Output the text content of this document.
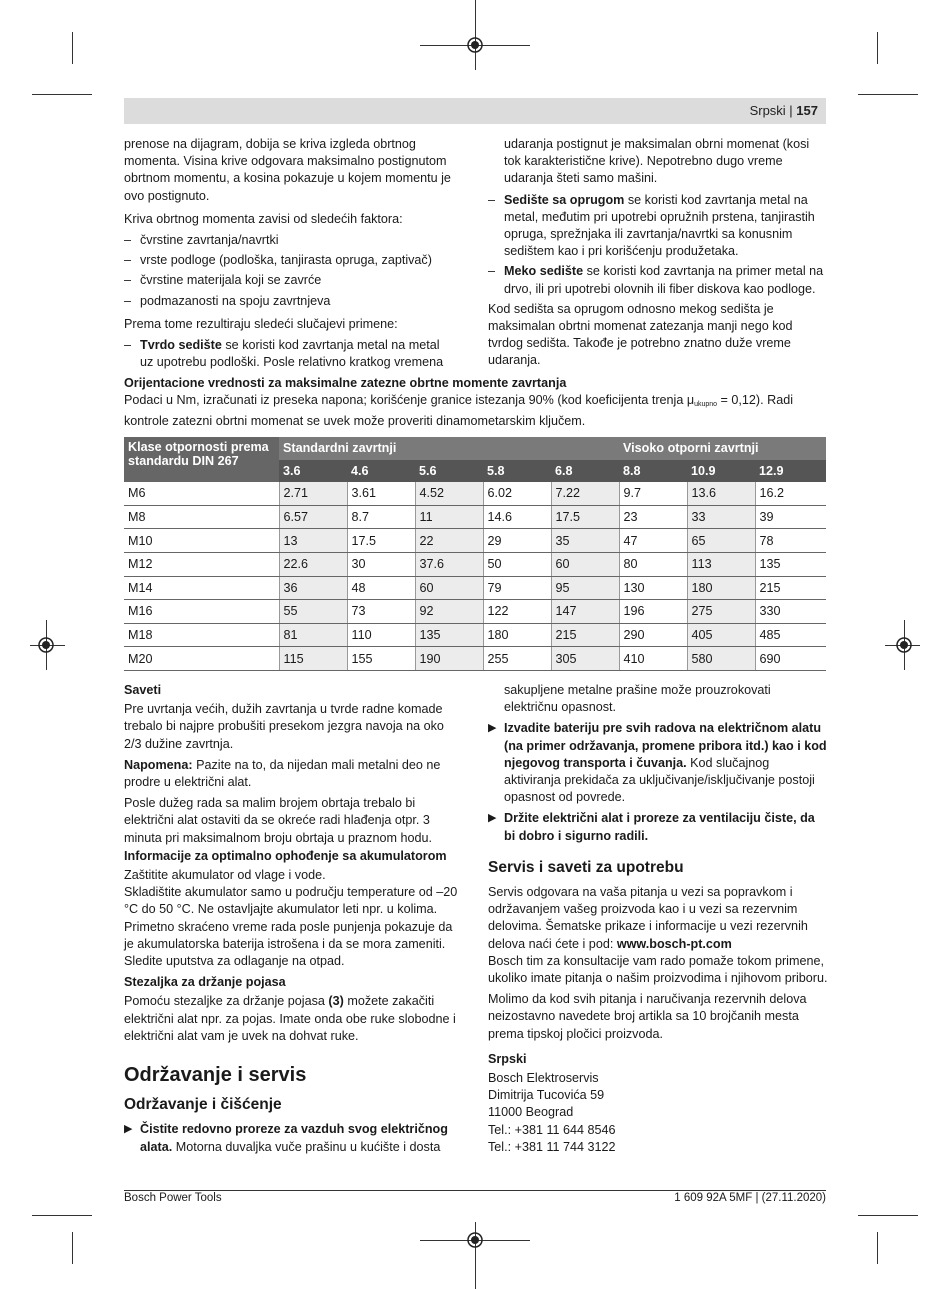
Srpski | 157

prenose na dijagram, dobija se kriva izgleda obrtnog momenta. Visina krive odgovara maksimalno postignutom obrtnom momentu, a kosina pokazuje u kojem momentu je ovo postignuto.

Kriva obrtnog momenta zavisi od sledećih faktora:

– čvrstine zavrtanja/navrtki
– vrste podloge (podloška, tanjirasta opruga, zaptivač)
– čvrstine materijala koji se zavrće
– podmazanosti na spoju zavrtnjeva

Prema tome rezultiraju sledeći slučajevi primene:

– Tvrdo sedište se koristi kod zavrtanja metal na metal uz upotrebu podloški. Posle relativno kratkog vremena

udaranja postignut je maksimalan obrni momenat (kosi tok karakteristične krive). Nepotrebno dugo vreme udaranja šteti samo mašini.

– Sedište sa oprugom se koristi kod zavrtanja metal na metal, međutim pri upotrebi opružnih prstena, tanjirastih opruga, sprežnjaka ili zavrtanja/navrtki sa konusnim sedištem kao i pri korišćenju produžetaka.
– Meko sedište se koristi kod zavrtanja na primer metal na drvo, ili pri upotrebi olovnih ili fiber diskova kao podloge.

Kod sedišta sa oprugom odnosno mekog sedišta je maksimalan obrtni momenat zatezanja manji nego kod tvrdog sedišta. Takođe je potrebno znatno duže vreme udaranja.

Orijentacione vrednosti za maksimalne zatezne obrtne momente zavrtanja
Podaci u Nm, izračunati iz preseka napona; korišćenje granice istezanja 90% (kod koeficijenta trenja $\mu_{ukupno} = 0,12$). Radi kontrole zatezni obrtni momenat se uvek može proveriti dinamometarskim ključem.
Klase otpornosti prema standardu DIN 267	Standardni zavrtnji					Visoko otporni zavrtnji		
	3.6	4.6	5.6	5.8	6.8	8.8	10.9	12.9
M6	2.71	3.61	4.52	6.02	7.22	9.7	13.6	16.2
M8	6.57	8.7	11	14.6	17.5	23	33	39
M10	13	17.5	22	29	35	47	65	78
M12	22.6	30	37.6	50	60	80	113	135
M14	36	48	60	79	95	130	180	215
M16	55	73	92	122	147	196	275	330
M18	81	110	135	180	215	290	405	485
M20	115	155	190	255	305	410	580	690
Saveti

Pre uvrtanja većih, dužih zavrtanja u tvrde radne komade trebalo bi najpre probušiti presekom jezgra navoja na oko 2/3 dužine zavrtnja.

Napomena: Pazite na to, da nijedan mali metalni deo ne prodre u električni alat.

Posle dužeg rada sa malim brojem obrtaja trebalo bi električni alat ostaviti da se okreće radi hlađenja otpr. 3 minuta pri maksimalnom broju obrtaja u praznom hodu.

Informacije za optimalno ophođenje sa akumulatorom
Zaštitite akumulator od vlage i vode.
Skladištite akumulator samo u području temperature od –20 °C do 50 °C. Ne ostavljajte akumulator leti npr. u kolima.
Primetno skraćeno vreme rada posle punjenja pokazuje da je akumulatorska baterija istrošena i da se mora zameniti.
Sledite uputstva za odlaganje na otpad.
Stezaljka za držanje pojasa

Pomoću stezaljke za držanje pojasa (3) možete zakačiti električni alat npr. za pojas. Imate onda obe ruke slobodne i električni alat vam je uvek na dohvat ruke.

Održavanje i servis
Održavanje i čišćenje
▶ Čistite redovno proreze za vazduh svog električnog alata. Motorna duvaljka vuče prašinu u kućište i dosta

sakupljene metalne prašine može prouzrokovati električnu opasnost.

▶ Izvadite bateriju pre svih radova na električnom alatu (na primer održavanja, promene pribora itd.) kao i kod njegovog transporta i čuvanja. Kod slučajnog aktiviranja prekidača za uključivanje/isključivanje postoji opasnost od povrede.
▶ Držite električni alat i proreze za ventilaciju čiste, da bi dobro i sigurno radili.
Servis i saveti za upotrebu
Servis odgovara na vaša pitanja u vezi sa popravkom i održavanjem vašeg proizvoda kao i u vezi sa rezervnim delovima. Šematske prikaze i informacije u vezi rezervnih delova naći ćete i pod: www.bosch-pt.com

Bosch tim za konsultacije vam rado pomaže tokom primene, ukoliko imate pitanja o našim proizvodima i njihovom priboru.

Molimo da kod svih pitanja i naručivanja rezervnih delova neizostavno navedete broj artikla sa 10 brojčanih mesta prema tipskoj pločici proizvoda.

Srpski
Bosch Elektroservis
Dimitrija Tucovića 59
11000 Beograd
Tel.: +381 11 644 8546
Tel.: +381 11 744 3122
Bosch Power Tools	1 609 92A 5MF | (27.11.2020)
